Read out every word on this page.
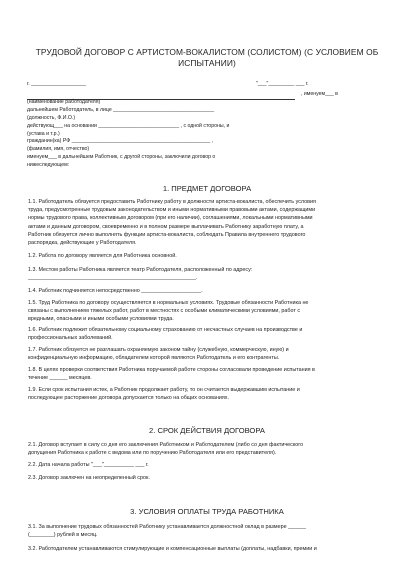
ТРУДОВОЙ ДОГОВОР С АРТИСТОМ-ВОКАЛИСТОМ (СОЛИСТОМ) (С УСЛОВИЕМ ОБ
ИСПЫТАНИИ)
г. ___________________	"___"_________ ___ г.
, именуем___ в
(наименование работодателя)
дальнейшем Работодатель, в лице ___________________________________
(должность, Ф.И.О.)
действующ___ на основании ____________________________ , с одной стороны, и
(устава и т.р.)
гражданин(ка) РФ ________________________________________________ ,
(фамилия, имя, отчество)
именуем___ в дальнейшем Работник, с другой стороны, заключили договор о
нижеследующем:
1. ПРЕДМЕТ ДОГОВОРА
1.1. Работодатель обязуется предоставить Работнику работу в должности артиста-вокалиста, обеспечить условия
труда, предусмотренные трудовым законодательством и иными нормативными правовыми актами, содержащими
нормы трудового права, коллективным договором (при его наличии), соглашениями, локальными нормативными
актами и данным договором, своевременно и в полном размере выплачивать Работнику заработную плату, а
Работник обязуется лично выполнять функции артиста-вокалиста, соблюдать Правила внутреннего трудового
распорядка, действующие у Работодателя.
1.2. Работа по договору является для Работника основной.
1.3. Местом работы Работника является театр Работодателя, расположенный по адресу:
________________________________________________________.
1.4. Работник подчиняется непосредственно ____________________.
1.5. Труд Работника по договору осуществляется в нормальных условиях. Трудовые обязанности Работника не
связаны с выполнением тяжелых работ, работ в местностях с особыми климатическими условиями, работ с
вредными, опасными и иными особыми условиями труда.
1.6. Работник подлежит обязательному социальному страхованию от несчастных случаев на производстве и
профессиональных заболеваний.
1.7. Работник обязуется не разглашать охраняемую законом тайну (служебную, коммерческую, иную) и
конфиденциальную информацию, обладателем которой являются Работодатель и его контрагенты.
1.8. В целях проверки соответствия Работника поручаемой работе стороны согласовали проведение испытания в
течение ______ месяцев.
1.9. Если срок испытания истек, а Работник продолжает работу, то он считается выдержавшим испытание и
последующее расторжение договора допускается только на общих основаниях.
2. СРОК ДЕЙСТВИЯ ДОГОВОРА
2.1. Договор вступает в силу со дня его заключения Работником и Работодателем (либо со дня фактического
допущения Работника к работе с ведома или по поручению Работодателя или его представителя).
2.2. Дата начала работы "___"__________ ___ г.
2.3. Договор заключен на неопределенный срок.
3. УСЛОВИЯ ОПЛАТЫ ТРУДА РАБОТНИКА
3.1. За выполнение трудовых обязанностей Работнику устанавливается должностной оклад в размере ______
(________) рублей в месяц.
3.2. Работодателем устанавливаются стимулирующие и компенсационные выплаты (доплаты, надбавки, премии и
